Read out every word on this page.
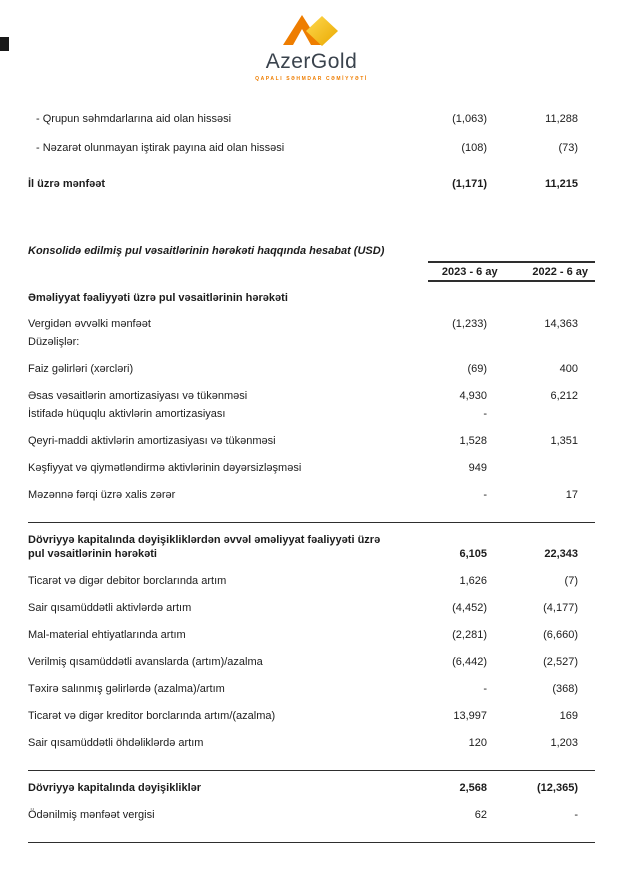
AzerGold
QAPALI SƏHMDAR CƏMİYYƏTİ
- Qrupun səhmdarlarına aid olan hissəsi	(1,063)	11,288
- Nəzarət olunmayan iştirak payına aid olan hissəsi	(108)	(73)
İl üzrə mənfəət	(1,171)	11,215
Konsolidə edilmiş pul vəsaitlərinin hərəkəti haqqında hesabat (USD)
2023 - 6 ay	2022 - 6 ay
Əməliyyat fəaliyyəti üzrə pul vəsaitlərinin hərəkəti
Vergidən əvvəlki mənfəət	(1,233)	14,363
Düzəlişlər:
Faiz gəlirləri (xərcləri)	(69)	400
Əsas vəsaitlərin amortizasiyası və tükənməsi	4,930	6,212
İstifadə hüquqlu aktivlərin amortizasiyası	-
Qeyri-maddi aktivlərin amortizasiyası və tükənməsi	1,528	1,351
Kəşfiyyat və qiymətləndirmə aktivlərinin dəyərsizləşməsi	949
Məzənnə fərqi üzrə xalis zərər	-	17
Dövriyyə kapitalında dəyişikliklərdən əvvəl əməliyyat fəaliyyəti üzrə pul vəsaitlərinin hərəkəti	6,105	22,343
Ticarət və digər debitor borclarında artım	1,626	(7)
Sair qısamüddətli aktivlərdə artım	(4,452)	(4,177)
Mal-material ehtiyatlarında artım	(2,281)	(6,660)
Verilmiş qısamüddətli avanslarda (artım)/azalma	(6,442)	(2,527)
Təxirə salınmış gəlirlərdə (azalma)/artım	-	(368)
Ticarət və digər kreditor borclarında artım/(azalma)	13,997	169
Sair qısamüddətli öhdəliklərdə artım	120	1,203
Dövriyyə kapitalında dəyişikliklər	2,568	(12,365)
Ödənilmiş mənfəət vergisi	62	-
